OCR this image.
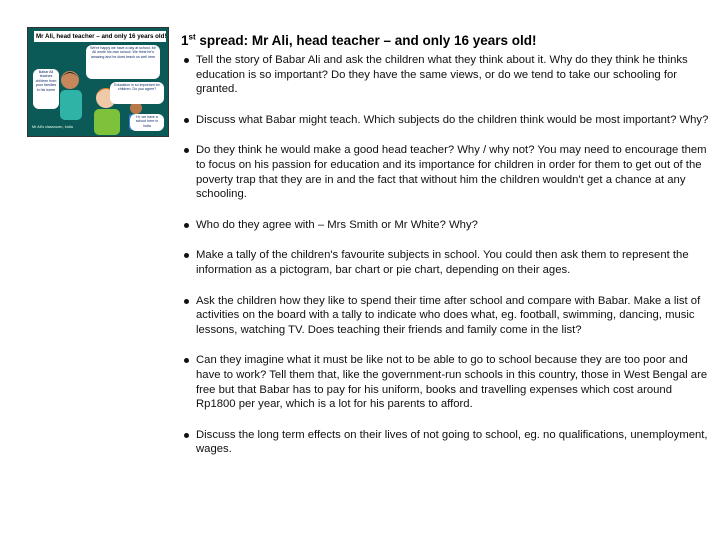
Mr Ali, head teacher – and only 16 years old!
We're happy we have a day at school. Mr Ali wrote his own school. We think he's amazing and he does teach us well here
Education is so important for children. Do you agree?
Babar Ali teaches children from poor families in his home
Hi, we have a school here in India
Mr Ali's classroom, India
1st spread: Mr Ali, head teacher – and only 16 years old!
Tell the story of Babar Ali and ask the children what they think about it. Why do they think he thinks education is so important? Do they have the same views, or do we tend to take our schooling for granted.
Discuss what Babar might teach. Which subjects do the children think would be most important? Why?
Do they think he would make a good head teacher? Why / why not? You may need to encourage them to focus on his passion for education and its importance for children in order for them to get out of the poverty trap that they are in and the fact that without him the children wouldn't get a chance at any schooling.
Who do they agree with – Mrs Smith or Mr White? Why?
Make a tally of the children's favourite subjects in school. You could then ask them to represent the information as a pictogram, bar chart or pie chart, depending on their ages.
Ask the children how they like to spend their time after school and compare with Babar. Make a list of activities on the board with a tally to indicate who does what, eg. football, swimming, dancing, music lessons, watching TV. Does teaching their friends and family come in the list?
Can they imagine what it must be like not to be able to go to school because they are too poor and have to work? Tell them that, like the government-run schools in this country, those in West Bengal are free but that Babar has to pay for his uniform, books and travelling expenses which cost around Rp1800 per year, which is a lot for his parents to afford.
Discuss the long term effects on their lives of not going to school, eg. no qualifications, unemployment, wages.
